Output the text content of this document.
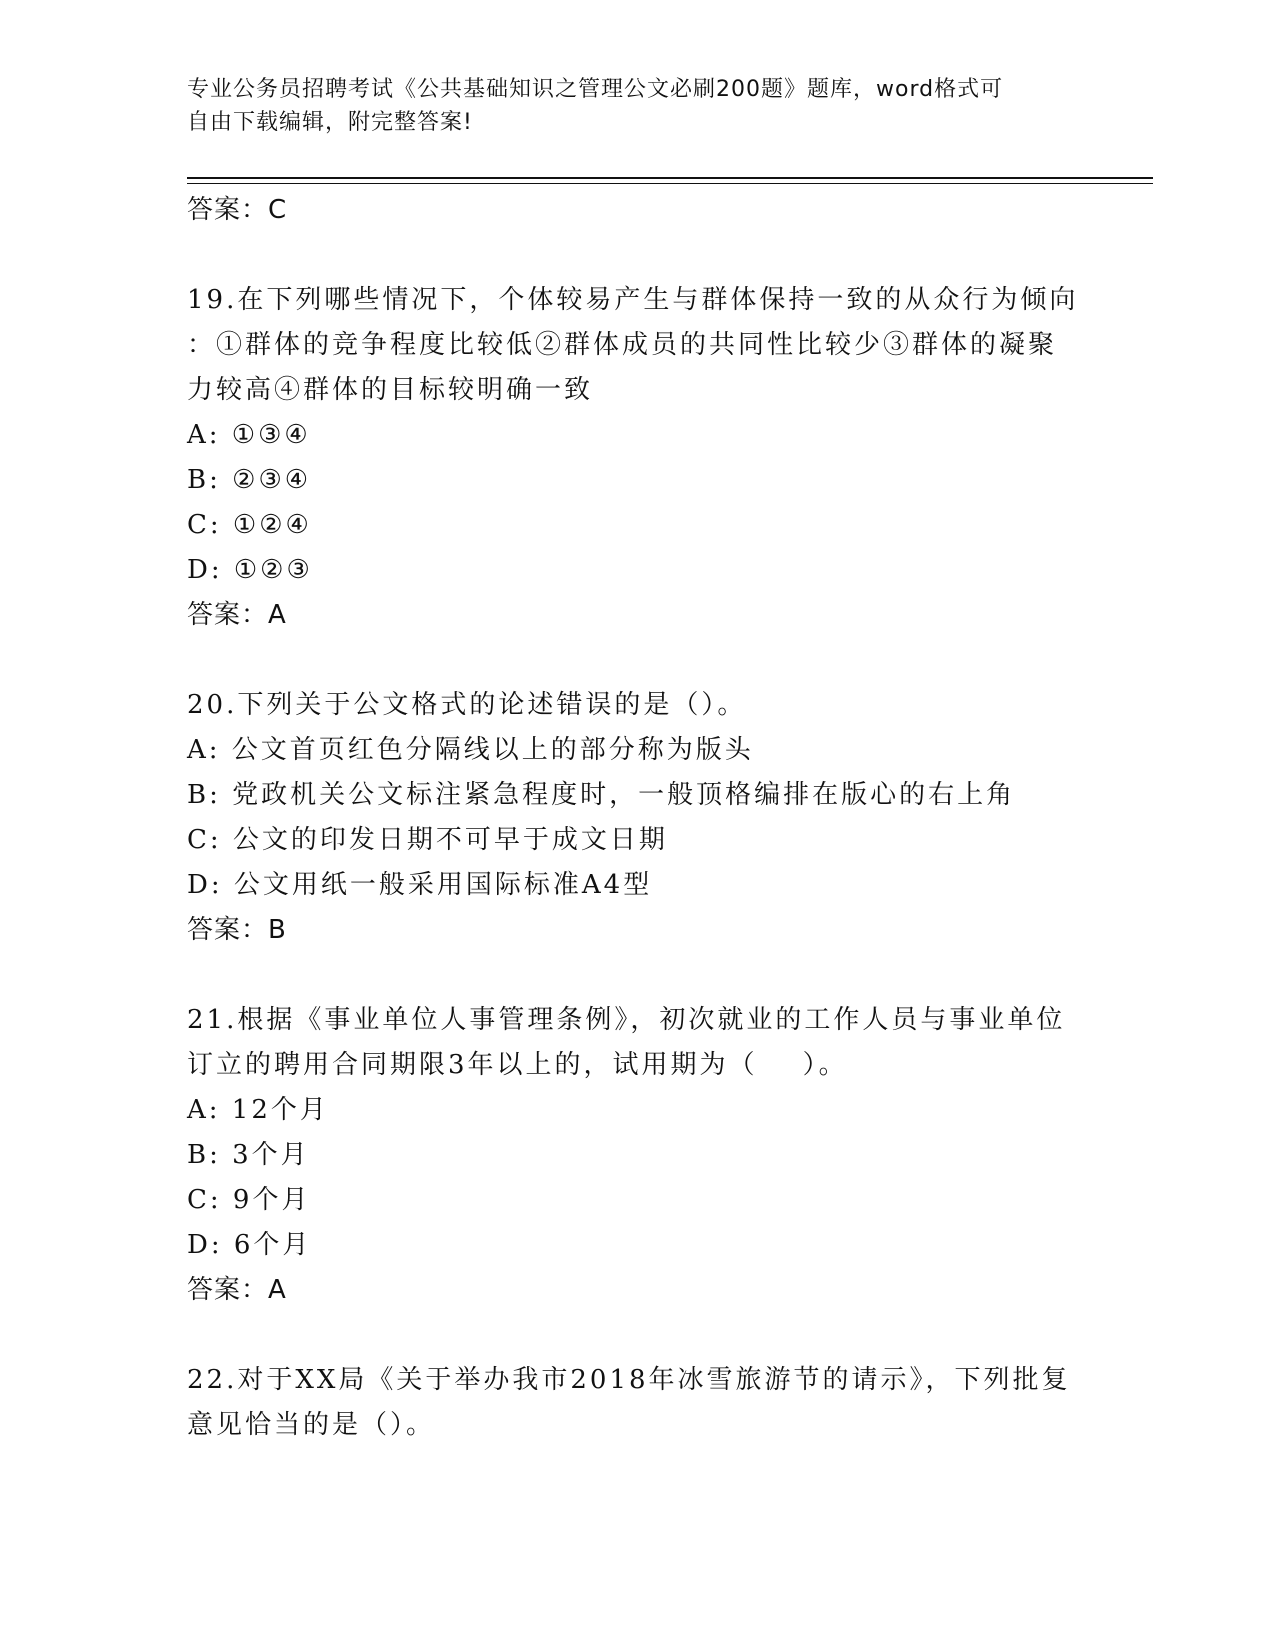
专业公务员招聘考试《公共基础知识之管理公文必刷200题》题库，word格式可
自由下载编辑，附完整答案!
答案：C
19.在下列哪些情况下，个体较易产生与群体保持一致的从众行为倾向
：①群体的竞争程度比较低②群体成员的共同性比较少③群体的凝聚
力较高④群体的目标较明确一致
A: ①③④
B: ②③④
C: ①②④
D: ①②③
答案：A
20.下列关于公文格式的论述错误的是（）。
A: 公文首页红色分隔线以上的部分称为版头
B: 党政机关公文标注紧急程度时，一般顶格编排在版心的右上角
C: 公文的印发日期不可早于成文日期
D: 公文用纸一般采用国际标准A4型
答案：B
21.根据《事业单位人事管理条例》，初次就业的工作人员与事业单位
订立的聘用合同期限3年以上的，试用期为（    ）。
A: 12个月
B: 3个月
C: 9个月
D: 6个月
答案：A
22.对于XX局《关于举办我市2018年冰雪旅游节的请示》，下列批复
意见恰当的是（）。
